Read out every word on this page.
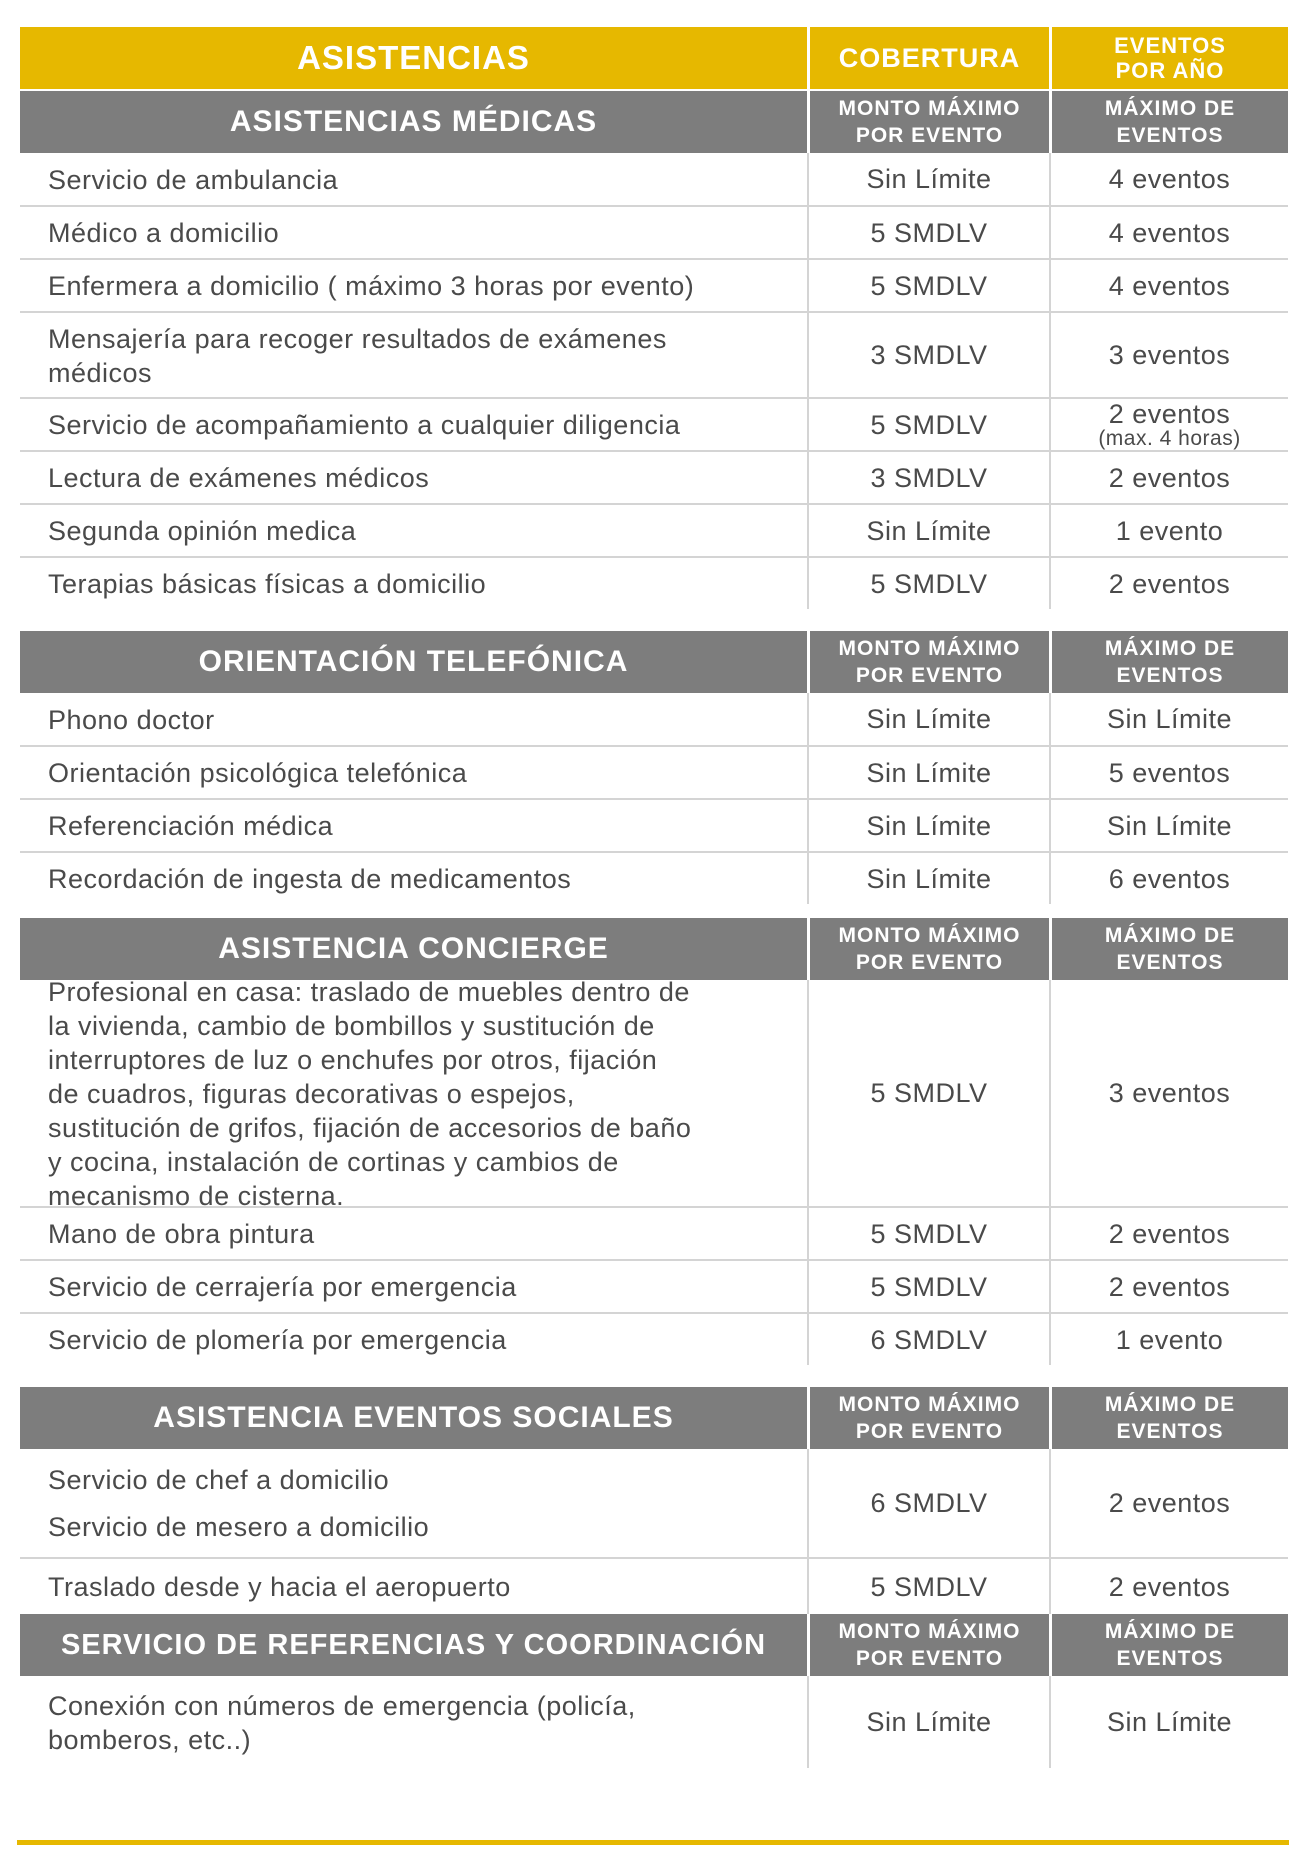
ASISTENCIAS	COBERTURA	EVENTOS
POR AÑO
ASISTENCIAS MÉDICAS	MONTO MÁXIMO
POR EVENTO
MÁXIMO DE
EVENTOS
Servicio de ambulancia	Sin Límite	4 eventos
Médico a domicilio	5 SMDLV	4 eventos
Enfermera a domicilio ( máximo 3 horas por evento)	5 SMDLV	4 eventos
Mensajería para recoger resultados de exámenes
médicos
3 SMDLV	3 eventos
Servicio de acompañamiento a cualquier diligencia	5 SMDLV	2 eventos
(max. 4 horas)
Lectura de exámenes médicos	3 SMDLV	2 eventos
Segunda opinión medica	Sin Límite	1 evento
Terapias básicas físicas a domicilio	5 SMDLV	2 eventos
ORIENTACIÓN TELEFÓNICA	MONTO MÁXIMO
POR EVENTO
MÁXIMO DE
EVENTOS
Phono doctor	Sin Límite	Sin Límite
Orientación psicológica telefónica	Sin Límite	5 eventos
Referenciación médica	Sin Límite	Sin Límite
Recordación de ingesta de medicamentos	Sin Límite	6 eventos
ASISTENCIA CONCIERGE	MONTO MÁXIMO
POR EVENTO
MÁXIMO DE
EVENTOS
Profesional en casa: traslado de muebles dentro de
la vivienda, cambio de bombillos y sustitución de
interruptores de luz o enchufes por otros, fijación
de cuadros, figuras decorativas o espejos,
sustitución de grifos, fijación de accesorios de baño
y cocina, instalación de cortinas y cambios de
mecanismo de cisterna.
5 SMDLV	3 eventos
Mano de obra pintura	5 SMDLV	2 eventos
Servicio de cerrajería por emergencia	5 SMDLV	2 eventos
Servicio de plomería por emergencia	6 SMDLV	1 evento
ASISTENCIA EVENTOS SOCIALES	MONTO MÁXIMO
POR EVENTO
MÁXIMO DE
EVENTOS
Servicio de chef a domicilio
Servicio de mesero a domicilio
6 SMDLV	2 eventos
Traslado desde y hacia el aeropuerto	5 SMDLV	2 eventos
SERVICIO DE REFERENCIAS Y COORDINACIÓN	MONTO MÁXIMO
POR EVENTO
MÁXIMO DE
EVENTOS
Conexión con números de emergencia (policía,
bomberos, etc..)
Sin Límite	Sin Límite
